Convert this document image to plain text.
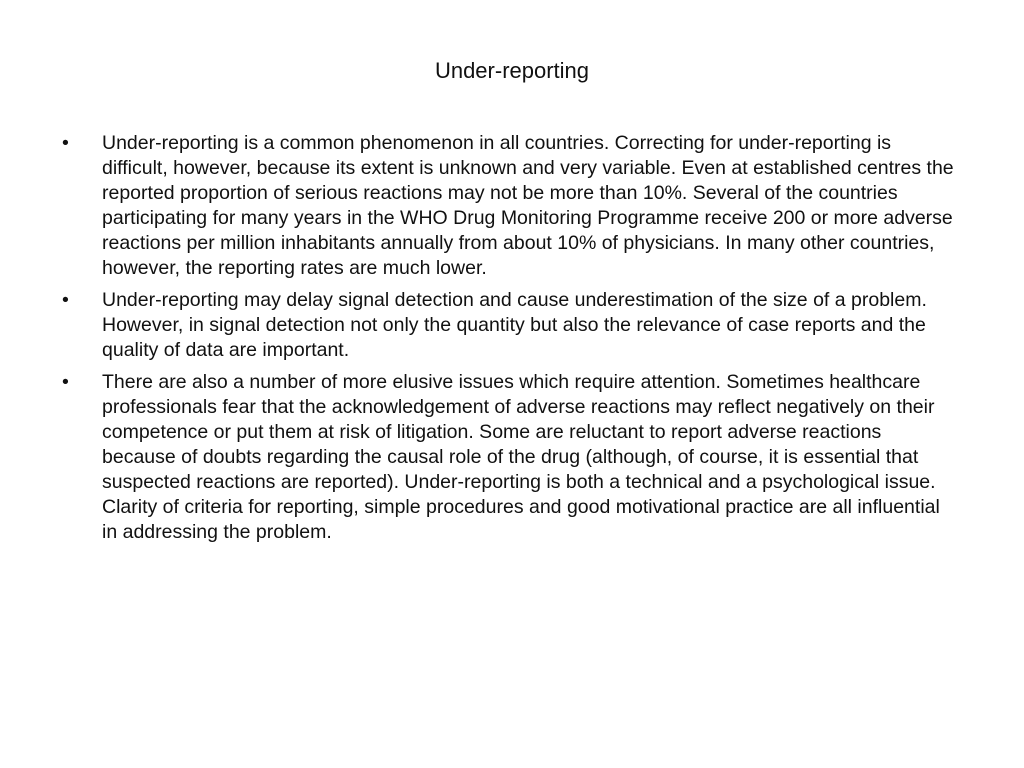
Under-reporting
•	Under-reporting is a common phenomenon in all countries. Correcting for under-reporting is difficult, however, because its extent is unknown and very variable. Even at established centres the reported proportion of serious reactions may not be more than 10%. Several of the countries participating for many years in the WHO Drug Monitoring Programme receive 200 or more adverse reactions per million inhabitants annually from about 10% of physicians. In many other countries, however, the reporting rates are much lower.
•	Under-reporting may delay signal detection and cause underestimation of the size of a problem. However, in signal detection not only the quantity but also the relevance of case reports and the quality of data are important.
•	There are also a number of more elusive issues which require attention. Sometimes healthcare professionals fear that the acknowledgement of adverse reactions may reflect negatively on their competence or put them at risk of litigation. Some are reluctant to report adverse reactions because of doubts regarding the causal role of the drug (although, of course, it is essential that suspected reactions are reported). Under-reporting is both a technical and a psychological issue. Clarity of criteria for reporting, simple procedures and good motivational practice are all influential in addressing the problem.
